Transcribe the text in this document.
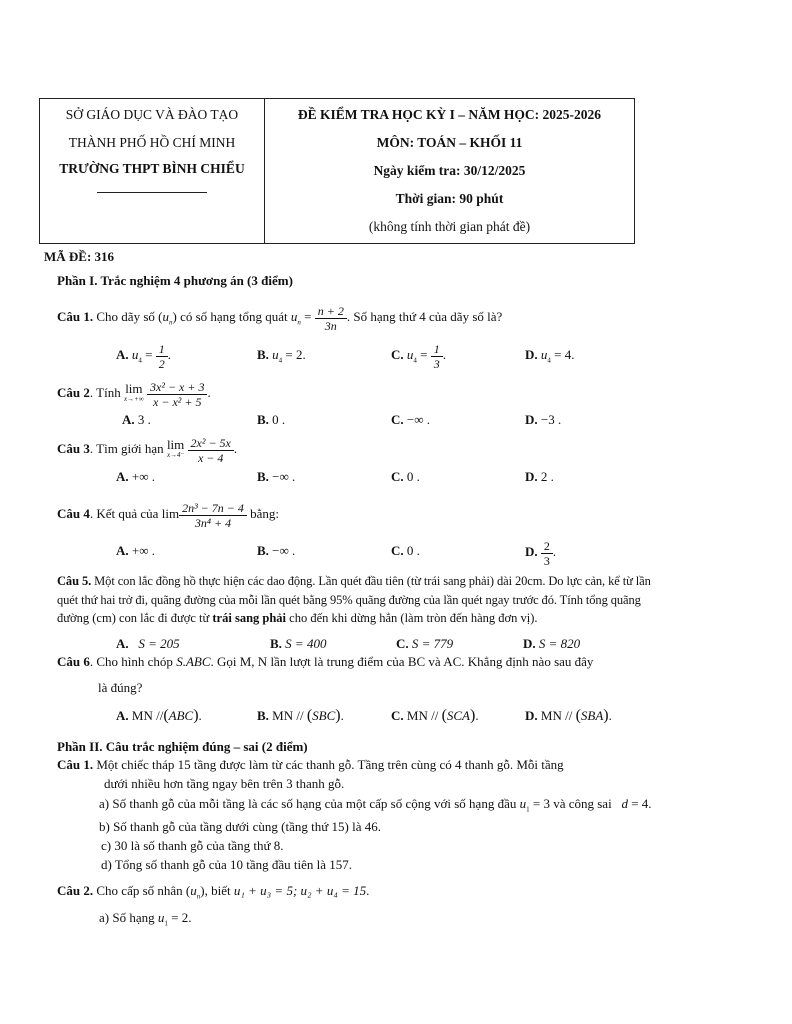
SỞ GIÁO DỤC VÀ ĐÀO TẠO
THÀNH PHỐ HỒ CHÍ MINH
TRƯỜNG THPT BÌNH CHIỂU

ĐỀ KIỂM TRA HỌC KỲ I – NĂM HỌC: 2025-2026
MÔN: TOÁN – KHỐI 11
Ngày kiểm tra: 30/12/2025
Thời gian: 90 phút
(không tính thời gian phát đề)
MÃ ĐỀ: 316
Phần I. Trắc nghiệm 4 phương án (3 điểm)
Câu 1. Cho dãy số $(u_n)$ có số hạng tổng quát $u_n = \frac{n + 2}{3n}$ . Số hạng thứ 4 của dãy số là?
A. $u_4 = \frac{1}{2}$ .	B. $u_4 = 2$.	C. $u_4 = \frac{1}{3}$ .	D. $u_4 = 4$.
Câu 2. Tính lim
x→+∞
$\frac{\text{3x² − x + 3}}{\text{x − x² + 5}}$ .
A. 3 .	B. 0 .	C. −∞ .	D. −3 .
Câu 3. Tìm giới hạn lim
x→4⁻
$\frac{\text{2x² − 5x}}{x - 4}$ .
A. +∞ .	B. −∞ .	C. 0 .	D. 2 .
Câu 4. Kết quả của $\lim \frac{\text{2n³ − 7n − 4}}{\text{3n⁴ + 4}}$ bằng:
A. +∞ .	B. −∞ .	C. 0 .	D. $\frac{2}{3}$ .
Câu 5. Một con lắc đồng hồ thực hiện các dao động. Lần quét đầu tiên (từ trái sang phải) dài 20cm. Do lực cản, kể từ lần
quét thứ hai trở đi, quãng đường của mỗi lần quét bằng 95% quãng đường của lần quét ngay trước đó. Tính tổng quãng
đường (cm) con lắc đi được từ trái sang phải cho đến khi dừng hẳn (làm tròn đến hàng đơn vị).
A. S = 205	B. S = 400	C. S = 779	D. S = 820
Câu 6. Cho hình chóp S.ABC. Gọi M, N lần lượt là trung điểm của BC và AC. Khẳng định nào sau đây
là đúng?
A. MN //(ABC).	B. MN // (SBC).	C. MN // (SCA).	D. MN // (SBA).
Phần II. Câu trắc nghiệm đúng – sai (2 điểm)
Câu 1. Một chiếc tháp 15 tầng được làm từ các thanh gỗ. Tầng trên cùng có 4 thanh gỗ. Mỗi tầng
dưới nhiều hơn tầng ngay bên trên 3 thanh gỗ.
a) Số thanh gỗ của mỗi tầng là các số hạng của một cấp số cộng với số hạng đầu $u_1 = 3$ và công sai   d = 4.
b) Số thanh gỗ của tầng dưới cùng (tầng thứ 15) là 46.
c) 30 là số thanh gỗ của tầng thứ 8.
d) Tổng số thanh gỗ của 10 tầng đầu tiên là 157.
Câu 2. Cho cấp số nhân $(u_n)$, biết u₁ + u₃ = 5; u₂ + u₄ = 15.
a) Số hạng $u_1 = 2$.
